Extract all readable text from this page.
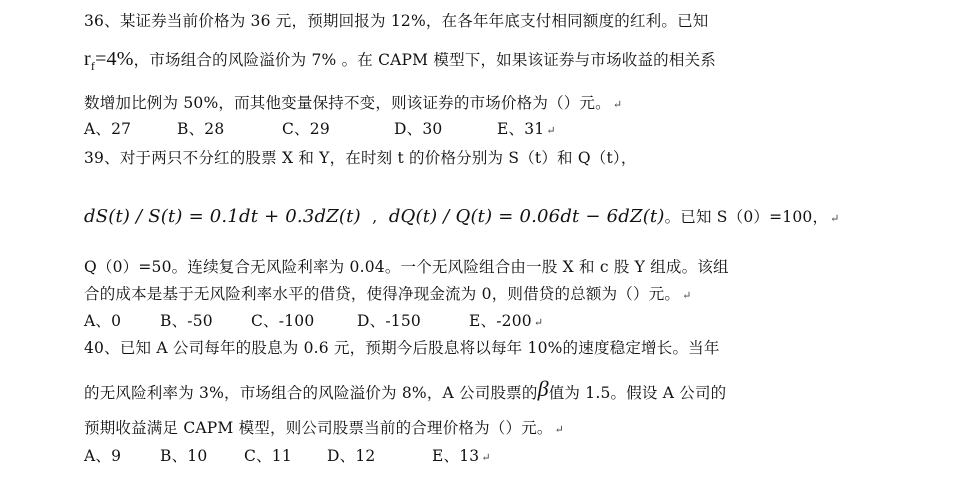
36、某证券当前价格为 36 元，预期回报为 12%，在各年年底支付相同额度的红利。已知
$r_f=4\%$，市场组合的风险溢价为 7% 。在 CAPM 模型下，如果该证券与市场收益的相关系
数增加比例为 50%，而其他变量保持不变，则该证券的市场价格为（）元。 ↵
A、27	B、28	C、29	D、30	E、31 ↵
39、对于两只不分红的股票 X 和 Y，在时刻 t 的价格分别为 S（t）和 Q（t），
dS(t) / S(t) = 0.1dt + 0.3dZ(t) , dQ(t) / Q(t) = 0.06dt − 6dZ(t)。已知 S（0）=100， ↵
Q（0）=50。连续复合无风险利率为 0.04。一个无风险组合由一股 X 和 c 股 Y 组成。该组
合的成本是基于无风险利率水平的借贷，使得净现金流为 0，则借贷的总额为（）元。 ↵
A、0	B、-50 C、-100	D、-150	E、-200 ↵
40、已知 A 公司每年的股息为 0.6 元，预期今后股息将以每年 10%的速度稳定增长。当年
的无风险利率为 3%，市场组合的风险溢价为 8%，A 公司股票的β值为 1.5。假设 A 公司的
预期收益满足 CAPM 模型，则公司股票当前的合理价格为（）元。 ↵
A、9	B、10 C、11 D、12	E、13 ↵
